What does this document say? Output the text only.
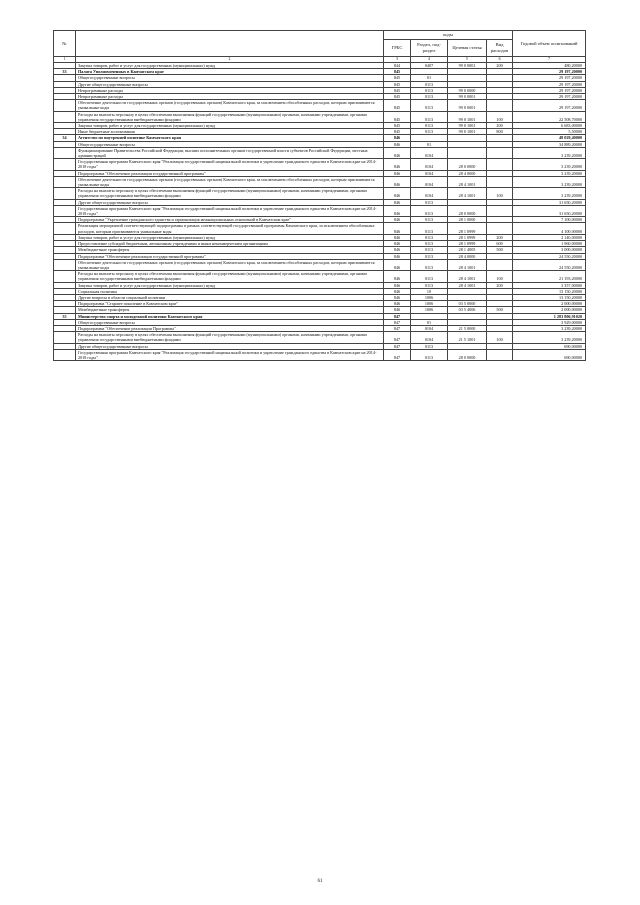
№		коды				Годовой объем ассигнований
		ГРБС	Раздел, под-раздел	Целевая статья	Вид расходов	
1	2	3	4	5	6	7
	Закупка товаров, работ и услуг для государственных (муниципальных) нужд	844	0407	99 0 0001	200	480,20000
33	Палата Уполномоченных в Камчатском крае	845				29 197,20000
	Общегосударственные вопросы	845	01			29 197,20000
	Другие общегосударственные вопросы	845	0113			29 197,20000
	Непрограммные расходы	845	0113	99 0 0000		29 197,20000
	Непрограммные расходы	845	0113	99 0 0001		29 197,20000
	Обеспечение деятельности государственных органов (государственных органов) Камчатского края, за исключением обособленных расходов, которым присваиваются уникальные коды	845	0113	99 0 0001		29 197,20000
	Расходы на выплаты персоналу в целях обеспечения выполнения функций государственными (муниципальными) органами, казенными учреждениями, органами управления государственными внебюджетными фондами	845	0113	99 0 1001	100	22 508,70000
	Закупка товаров, работ и услуг для государственных (муниципальных) нужд	845	0113	99 0 1001	200	6 683,00000
	Иные бюджетные ассигнования	845	0113	99 0 1001	800	5,50000
34	Агентство по внутренней политике Камчатского края	846				48 029,40000
	Общегосударственные вопросы	846	01			34 889,20000
	Функционирование Правительства Российской Федерации, высших исполнительных органов государственной власти субъектов Российской Федерации, местных администраций	846	0104			3 239,20000
	Государственная программа Камчатского края "Реализация государственной национальной политики и укрепление гражданского единства в Камчатском крае на 2014-2018 годы"	846	0104	28 0 0000		3 239,20000
	Подпрограмма "Обеспечение реализации государственной программы"	846	0104	28 4 0000		3 239,20000
	Обеспечение деятельности государственных органов (государственных органов) Камчатского края, за исключением обособленных расходов, которым присваиваются уникальные коды	846	0104	28 4 1001		3 239,20000
	Расходы на выплаты персоналу в целях обеспечения выполнения функций государственными (муниципальными) органами, казенными учреждениями, органами управления государственными внебюджетными фондами	846	0104	28 4 1001	100	3 239,20000
	Другие общегосударственные вопросы	846	0113			31 650,20000
	Государственная программа Камчатского края "Реализация государственной национальной политики и укрепление гражданского единства в Камчатском крае на 2014-2018 годы"	846	0113	28 0 0000		31 650,20000
	Подпрограмма "Укрепление гражданского единства и гармонизация межнациональных отношений в Камчатском крае"	846	0113	28 1 0000		7 100,00000
	Реализация мероприятий соответствующей подпрограммы в рамках соответствующей государственной программы Камчатского края, за исключением обособленных расходов, которым присваиваются уникальные коды	846	0113	28 1 0999		4 100,00000
	Закупка товаров, работ и услуг для государственных (муниципальных) нужд	846	0113	28 1 0999	200	2 140,00000
	Предоставление субсидий бюджетным, автономным учреждениям и иным некоммерческим организациям	846	0113	28 1 0999	600	1 960,00000
	Межбюджетные трансферты	846	0113	28 1 4005	500	3 000,00000
	Подпрограмма "Обеспечение реализации государственной программы"	846	0113	28 4 0000		24 550,20000
	Обеспечение деятельности государственных органов (государственных органов) Камчатского края, за исключением обособленных расходов, которым присваиваются уникальные коды	846	0113	28 4 1001		24 550,20000
	Расходы на выплаты персоналу в целях обеспечения выполнения функций государственными (муниципальными) органами, казенными учреждениями, органами управления государственными внебюджетными фондами	846	0113	28 4 1001	100	21 193,20000
	Закупка товаров, работ и услуг для государственных (муниципальных) нужд	846	0113	28 4 1001	200	3 357,00000
	Социальная политика	846	10			13 150,20000
	Другие вопросы в области социальной политики	846	1006			13 150,20000
	Подпрограмма "Старшее поколение в Камчатском крае"	846	1006	03 5 0000		2 000,00000
	Межбюджетные трансферты	846	1006	03 5 4006	500	2 000,00000
35	Министерство спорта и молодежной политики Камчатского края	847				1 283 806,91020
	Общегосударственные вопросы	847	01			3 929,00000
	Подпрограмма "Обеспечение реализации Программы"	847	0104	21 5 0000		3 239,20000
	Расходы на выплаты персоналу в целях обеспечения выполнения функций государственными (муниципальными) органами, казенными учреждениями, органами управления государственными внебюджетными фондами	847	0104	21 5 1001	100	3 239,20000
	Другие общегосударственные вопросы	847	0113			690,00000
	Государственная программа Камчатского края "Реализация государственной национальной политики и укрепление гражданского единства в Камчатском крае на 2014-2018 годы"	847	0113	28 0 0000		690,00000
61
